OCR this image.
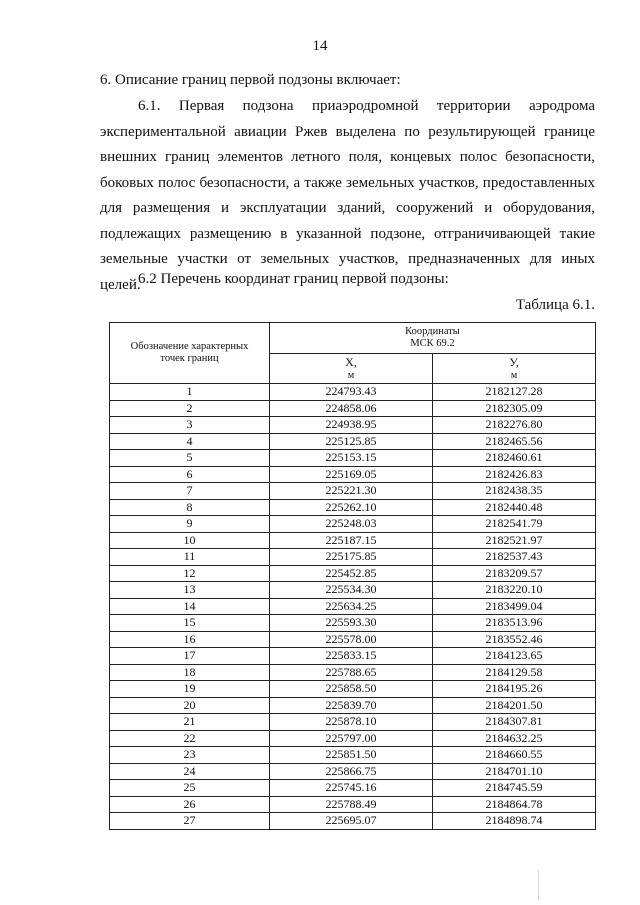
14
6. Описание границ первой подзоны включает:

6.1. Первая подзона приаэродромной территории аэродрома экспериментальной авиации Ржев выделена по результирующей границе внешних границ элементов летного поля, концевых полос безопасности, боковых полос безопасности, а также земельных участков, предоставленных для размещения и эксплуатации зданий, сооружений и оборудования, подлежащих размещению в указанной подзоне, отграничивающей такие земельные участки от земельных участков, предназначенных для иных целей.

6.2 Перечень координат границ первой подзоны:
Таблица 6.1.
Обозначение характерных
точек границ	Координаты
МСК 69.2	

	Х,
м	У,
м

1	224793.43	2182127.28
2	224858.06	2182305.09
3	224938.95	2182276.80
4	225125.85	2182465.56
5	225153.15	2182460.61
6	225169.05	2182426.83
7	225221.30	2182438.35
8	225262.10	2182440.48
9	225248.03	2182541.79
10	225187.15	2182521.97
11	225175.85	2182537.43
12	225452.85	2183209.57
13	225534.30	2183220.10
14	225634.25	2183499.04
15	225593.30	2183513.96
16	225578.00	2183552.46
17	225833.15	2184123.65
18	225788.65	2184129.58
19	225858.50	2184195.26
20	225839.70	2184201.50
21	225878.10	2184307.81
22	225797.00	2184632.25
23	225851.50	2184660.55
24	225866.75	2184701.10
25	225745.16	2184745.59
26	225788.49	2184864.78
27	225695.07	2184898.74
